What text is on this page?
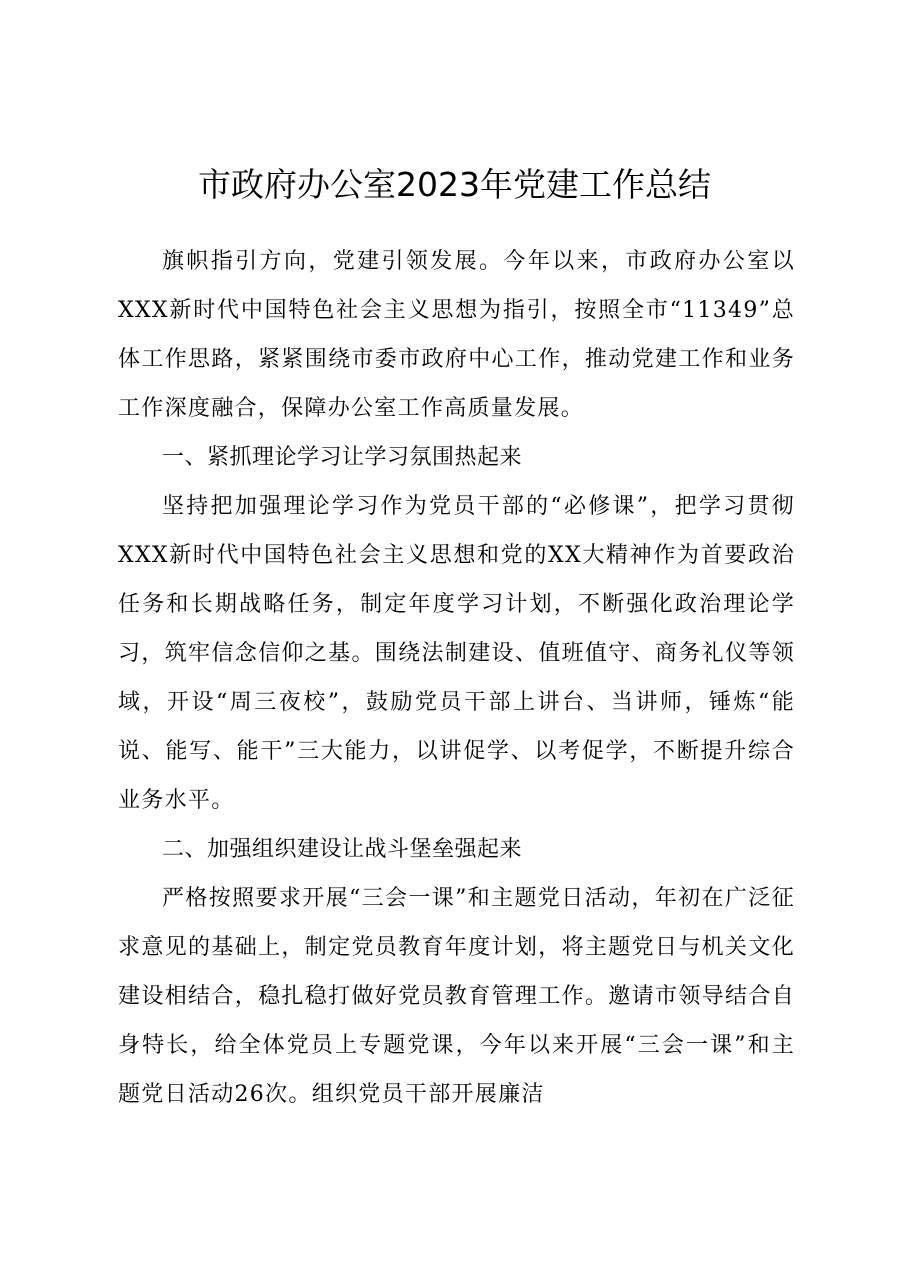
市政府办公室2023年党建工作总结

旗帜指引方向，党建引领发展。今年以来，市政府办公室以XXX新时代中国特色社会主义思想为指引，按照全市“11349”总体工作思路，紧紧围绕市委市政府中心工作，推动党建工作和业务工作深度融合，保障办公室工作高质量发展。

一、紧抓理论学习让学习氛围热起来

坚持把加强理论学习作为党员干部的“必修课”，把学习贯彻XXX新时代中国特色社会主义思想和党的XX大精神作为首要政治任务和长期战略任务，制定年度学习计划，不断强化政治理论学习，筑牢信念信仰之基。围绕法制建设、值班值守、商务礼仪等领域，开设“周三夜校”，鼓励党员干部上讲台、当讲师，锤炼“能说、能写、能干”三大能力，以讲促学、以考促学，不断提升综合业务水平。

二、加强组织建设让战斗堡垒强起来

严格按照要求开展“三会一课”和主题党日活动，年初在广泛征求意见的基础上，制定党员教育年度计划，将主题党日与机关文化建设相结合，稳扎稳打做好党员教育管理工作。邀请市领导结合自身特长，给全体党员上专题党课，今年以来开展“三会一课”和主题党日活动26次。组织党员干部开展廉洁
